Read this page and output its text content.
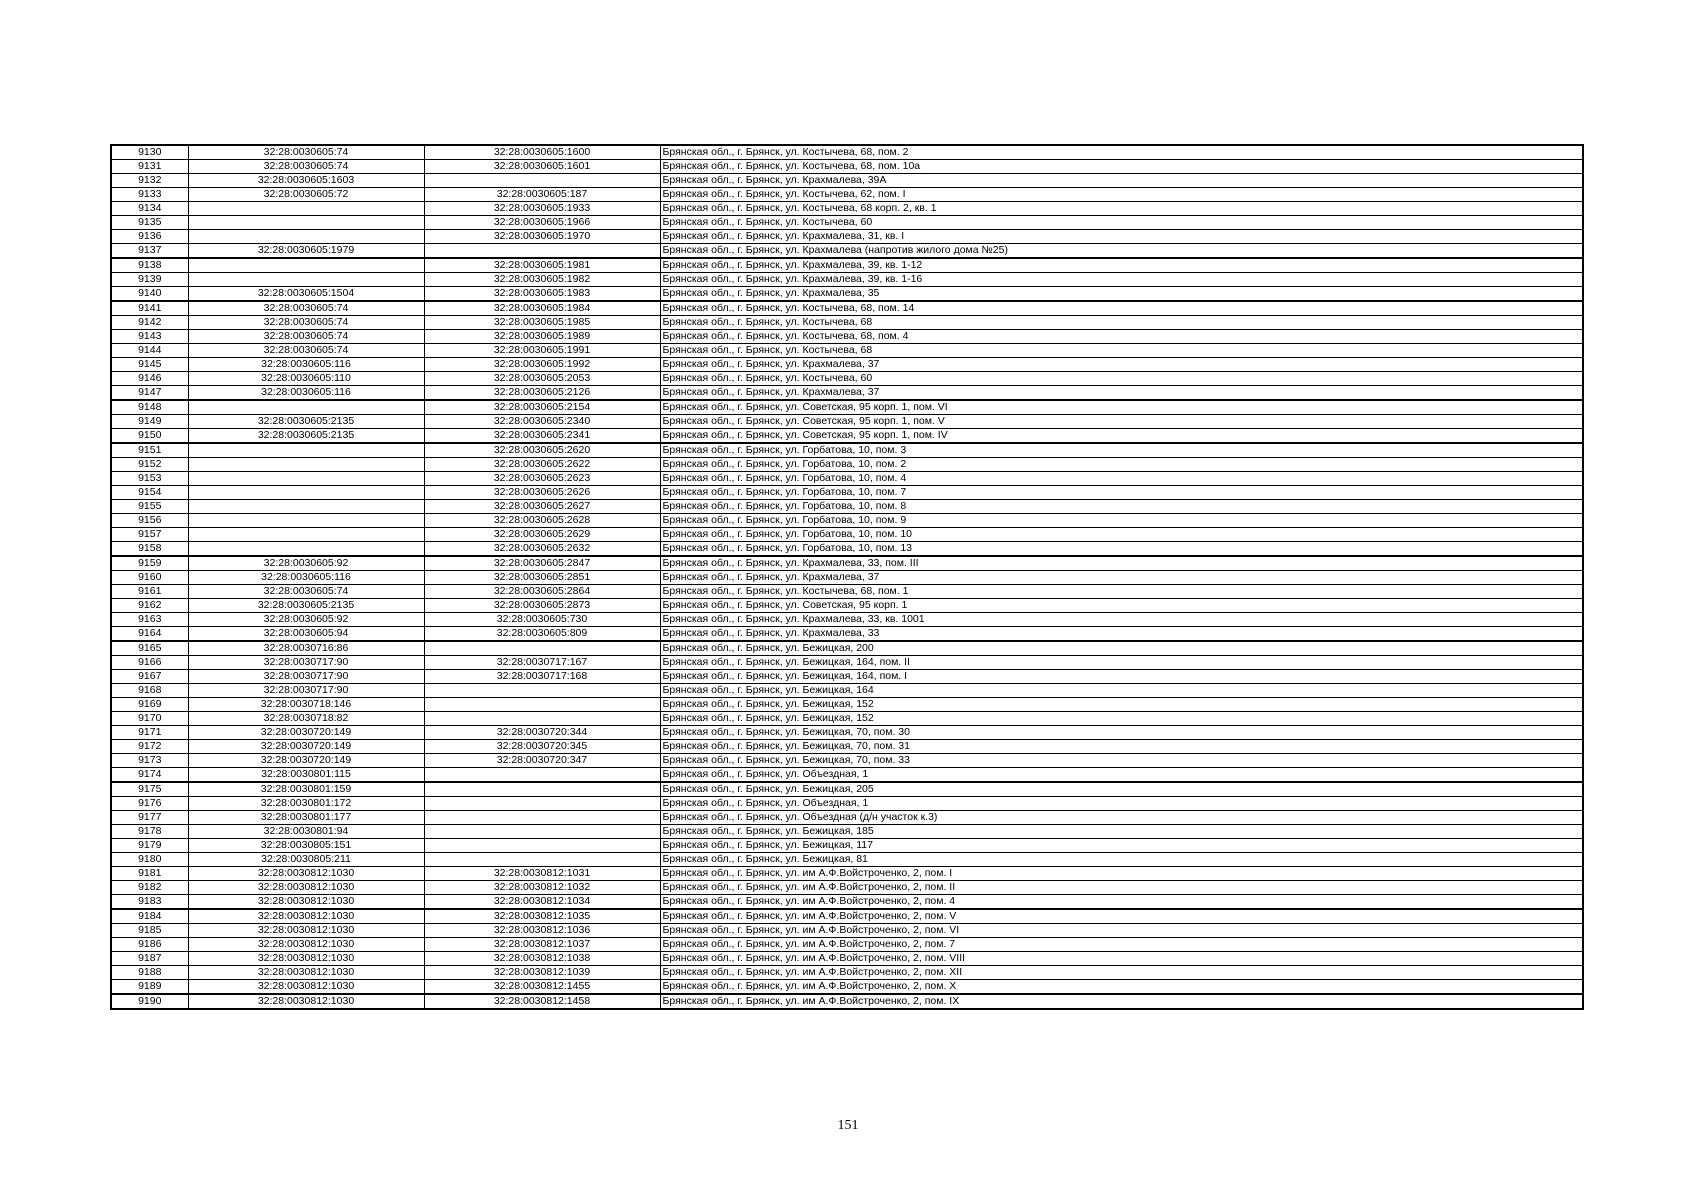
9130	32:28:0030605:74	32:28:0030605:1600	Брянская обл., г. Брянск, ул. Костычева, 68, пом. 2
9131	32:28:0030605:74	32:28:0030605:1601	Брянская обл., г. Брянск, ул. Костычева, 68, пом. 10а
9132	32:28:0030605:1603		Брянская обл., г. Брянск, ул. Крахмалева, 39А
9133	32:28:0030605:72	32:28:0030605:187	Брянская обл., г. Брянск, ул. Костычева, 62, пом. I
9134		32:28:0030605:1933	Брянская обл., г. Брянск, ул. Костычева, 68 корп. 2, кв. 1
9135		32:28:0030605:1966	Брянская обл., г. Брянск, ул. Костычева, 60
9136		32:28:0030605:1970	Брянская обл., г. Брянск, ул. Крахмалева, 31, кв. I
9137	32:28:0030605:1979		Брянская обл., г. Брянск, ул. Крахмалева (напротив жилого дома №25)
9138		32:28:0030605:1981	Брянская обл., г. Брянск, ул. Крахмалева, 39, кв. 1-12
9139		32:28:0030605:1982	Брянская обл., г. Брянск, ул. Крахмалева, 39, кв. 1-16
9140	32:28:0030605:1504	32:28:0030605:1983	Брянская обл., г. Брянск, ул. Крахмалева, 35
9141	32:28:0030605:74	32:28:0030605:1984	Брянская обл., г. Брянск, ул. Костычева, 68, пом. 14
9142	32:28:0030605:74	32:28:0030605:1985	Брянская обл., г. Брянск, ул. Костычева, 68
9143	32:28:0030605:74	32:28:0030605:1989	Брянская обл., г. Брянск, ул. Костычева, 68, пом. 4
9144	32:28:0030605:74	32:28:0030605:1991	Брянская обл., г. Брянск, ул. Костычева, 68
9145	32:28:0030605:116	32:28:0030605:1992	Брянская обл., г. Брянск, ул. Крахмалева, 37
9146	32:28:0030605:110	32:28:0030605:2053	Брянская обл., г. Брянск, ул. Костычева, 60
9147	32:28:0030605:116	32:28:0030605:2126	Брянская обл., г. Брянск, ул. Крахмалева, 37
9148		32:28:0030605:2154	Брянская обл., г. Брянск, ул. Советская, 95 корп. 1, пом. VI
9149	32:28:0030605:2135	32:28:0030605:2340	Брянская обл., г. Брянск, ул. Советская, 95 корп. 1, пом. V
9150	32:28:0030605:2135	32:28:0030605:2341	Брянская обл., г. Брянск, ул. Советская, 95 корп. 1, пом. IV
9151		32:28:0030605:2620	Брянская обл., г. Брянск, ул. Горбатова, 10, пом. 3
9152		32:28:0030605:2622	Брянская обл., г. Брянск, ул. Горбатова, 10, пом. 2
9153		32:28:0030605:2623	Брянская обл., г. Брянск, ул. Горбатова, 10, пом. 4
9154		32:28:0030605:2626	Брянская обл., г. Брянск, ул. Горбатова, 10, пом. 7
9155		32:28:0030605:2627	Брянская обл., г. Брянск, ул. Горбатова, 10, пом. 8
9156		32:28:0030605:2628	Брянская обл., г. Брянск, ул. Горбатова, 10, пом. 9
9157		32:28:0030605:2629	Брянская обл., г. Брянск, ул. Горбатова, 10, пом. 10
9158		32:28:0030605:2632	Брянская обл., г. Брянск, ул. Горбатова, 10, пом. 13
9159	32:28:0030605:92	32:28:0030605:2847	Брянская обл., г. Брянск, ул. Крахмалева, 33, пом. III
9160	32:28:0030605:116	32:28:0030605:2851	Брянская обл., г. Брянск, ул. Крахмалева, 37
9161	32:28:0030605:74	32:28:0030605:2864	Брянская обл., г. Брянск, ул. Костычева, 68, пом. 1
9162	32:28:0030605:2135	32:28:0030605:2873	Брянская обл., г. Брянск, ул. Советская, 95 корп. 1
9163	32:28:0030605:92	32:28:0030605:730	Брянская обл., г. Брянск, ул. Крахмалева, 33, кв. 1001
9164	32:28:0030605:94	32:28:0030605:809	Брянская обл., г. Брянск, ул. Крахмалева, 33
9165	32:28:0030716:86		Брянская обл., г. Брянск, ул. Бежицкая, 200
9166	32:28:0030717:90	32:28:0030717:167	Брянская обл., г. Брянск, ул. Бежицкая, 164, пом. II
9167	32:28:0030717:90	32:28:0030717:168	Брянская обл., г. Брянск, ул. Бежицкая, 164, пом. I
9168	32:28:0030717:90		Брянская обл., г. Брянск, ул. Бежицкая, 164
9169	32:28:0030718:146		Брянская обл., г. Брянск, ул. Бежицкая, 152
9170	32:28:0030718:82		Брянская обл., г. Брянск, ул. Бежицкая, 152
9171	32:28:0030720:149	32:28:0030720:344	Брянская обл., г. Брянск, ул. Бежицкая, 70, пом. 30
9172	32:28:0030720:149	32:28:0030720:345	Брянская обл., г. Брянск, ул. Бежицкая, 70, пом. 31
9173	32:28:0030720:149	32:28:0030720:347	Брянская обл., г. Брянск, ул. Бежицкая, 70, пом. 33
9174	32:28:0030801:115		Брянская обл., г. Брянск, ул. Объездная, 1
9175	32:28:0030801:159		Брянская обл., г. Брянск, ул. Бежицкая, 205
9176	32:28:0030801:172		Брянская обл., г. Брянск, ул. Объездная, 1
9177	32:28:0030801:177		Брянская обл., г. Брянск, ул. Объездная (д/н участок к.3)
9178	32:28:0030801:94		Брянская обл., г. Брянск, ул. Бежицкая, 185
9179	32:28:0030805:151		Брянская обл., г. Брянск, ул. Бежицкая, 117
9180	32:28:0030805:211		Брянская обл., г. Брянск, ул. Бежицкая, 81
9181	32:28:0030812:1030	32:28:0030812:1031	Брянская обл., г. Брянск, ул. им А.Ф.Войстроченко, 2, пом. I
9182	32:28:0030812:1030	32:28:0030812:1032	Брянская обл., г. Брянск, ул. им А.Ф.Войстроченко, 2, пом. II
9183	32:28:0030812:1030	32:28:0030812:1034	Брянская обл., г. Брянск, ул. им А.Ф.Войстроченко, 2, пом. 4
9184	32:28:0030812:1030	32:28:0030812:1035	Брянская обл., г. Брянск, ул. им А.Ф.Войстроченко, 2, пом. V
9185	32:28:0030812:1030	32:28:0030812:1036	Брянская обл., г. Брянск, ул. им А.Ф.Войстроченко, 2, пом. VI
9186	32:28:0030812:1030	32:28:0030812:1037	Брянская обл., г. Брянск, ул. им А.Ф.Войстроченко, 2, пом. 7
9187	32:28:0030812:1030	32:28:0030812:1038	Брянская обл., г. Брянск, ул. им А.Ф.Войстроченко, 2, пом. VIII
9188	32:28:0030812:1030	32:28:0030812:1039	Брянская обл., г. Брянск, ул. им А.Ф.Войстроченко, 2, пом. XII
9189	32:28:0030812:1030	32:28:0030812:1455	Брянская обл., г. Брянск, ул. им А.Ф.Войстроченко, 2, пом. X
9190	32:28:0030812:1030	32:28:0030812:1458	Брянская обл., г. Брянск, ул. им А.Ф.Войстроченко, 2, пом. IX
151
